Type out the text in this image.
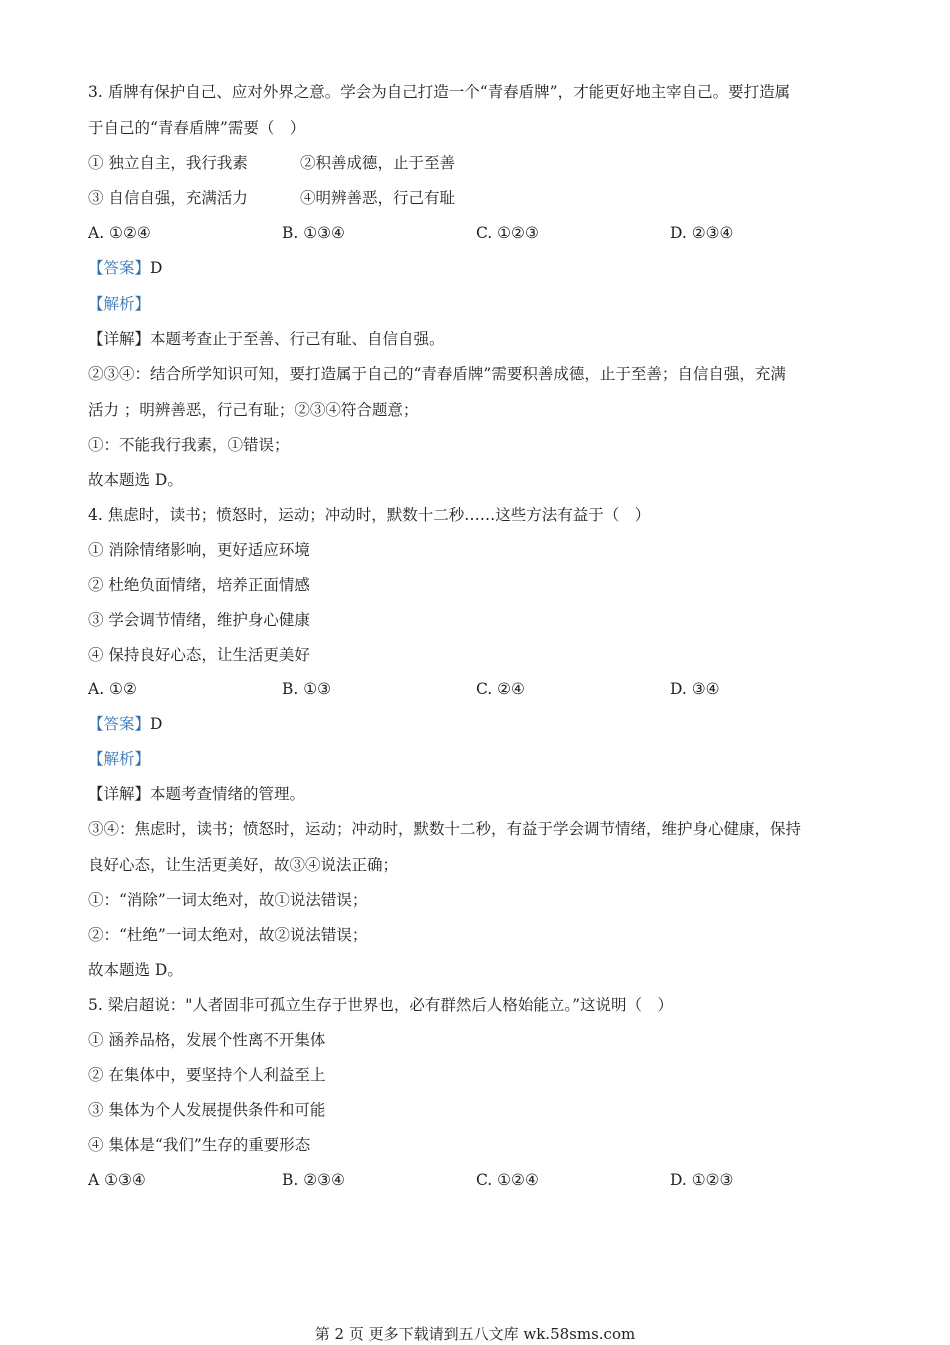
3. 盾牌有保护自己、应对外界之意。学会为自己打造一个“青春盾牌”，才能更好地主宰自己。要打造属
于自己的“青春盾牌”需要（　）
① 独立自主，我行我素	②积善成德，止于至善
③ 自信自强，充满活力	④明辨善恶，行己有耻
A. ①②④	B. ①③④	C. ①②③	D. ②③④
【答案】D
【解析】
【详解】本题考查止于至善、行己有耻、自信自强。
②③④：结合所学知识可知，要打造属于自己的“青春盾牌”需要积善成德，止于至善；自信自强，充满
活力 ；明辨善恶，行己有耻；②③④符合题意；
①：不能我行我素，①错误；
故本题选 D。
4. 焦虑时，读书；愤怒时，运动；冲动时，默数十二秒……这些方法有益于（　）
① 消除情绪影响，更好适应环境
② 杜绝负面情绪，培养正面情感
③ 学会调节情绪，维护身心健康
④ 保持良好心态，让生活更美好
A. ①②	B. ①③	C. ②④	D. ③④
【答案】D
【解析】
【详解】本题考查情绪的管理。
③④：焦虑时，读书；愤怒时，运动；冲动时，默数十二秒，有益于学会调节情绪，维护身心健康，保持
良好心态，让生活更美好，故③④说法正确；
①：“消除”一词太绝对，故①说法错误；
②：“杜绝”一词太绝对，故②说法错误；
故本题选 D。
5. 梁启超说："人者固非可孤立生存于世界也，必有群然后人格始能立。”这说明（　）
① 涵养品格，发展个性离不开集体
② 在集体中，要坚持个人利益至上
③ 集体为个人发展提供条件和可能
④ 集体是“我们”生存的重要形态
A ①③④	B. ②③④	C. ①②④	D. ①②③
第 2 页 更多下载请到五八文库 wk.58sms.com
